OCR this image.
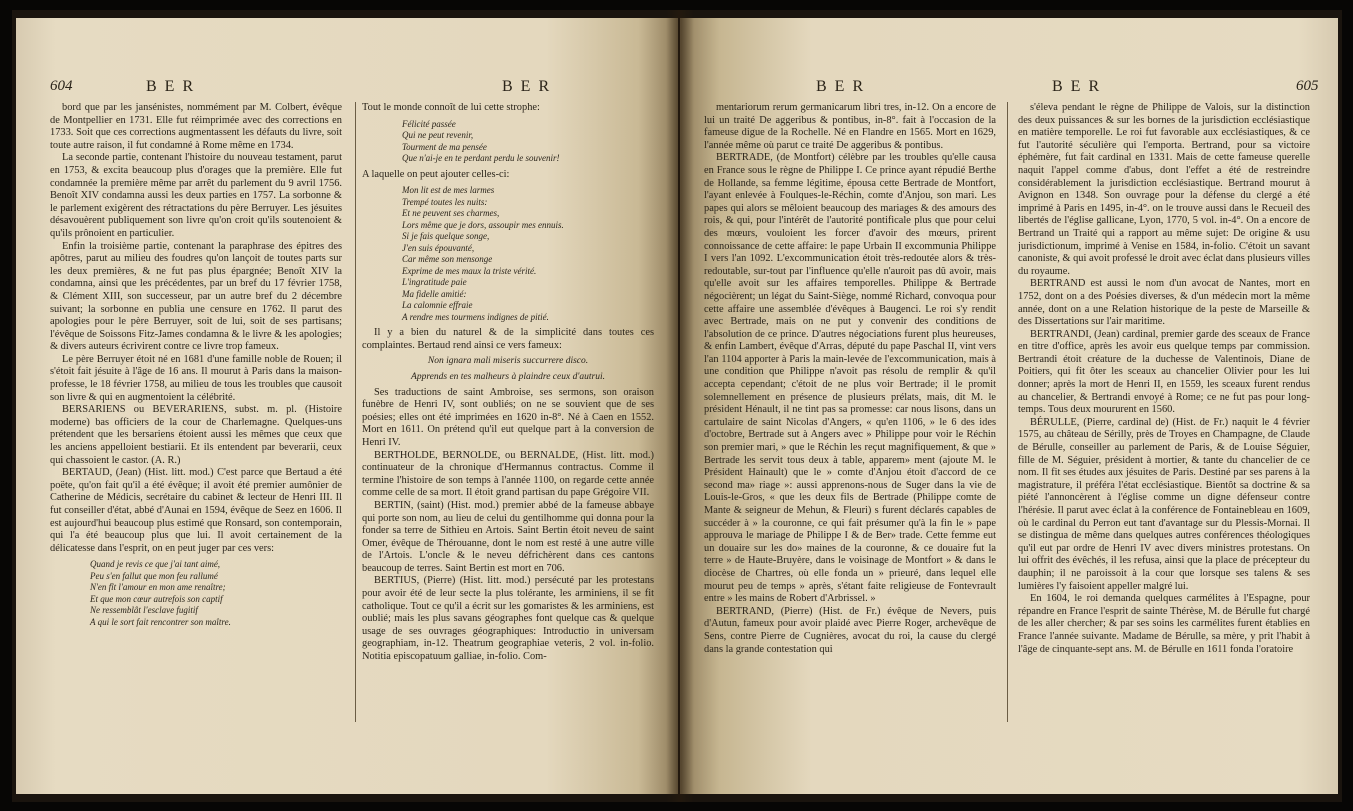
604	B E R	B E R

bord que par les jansénistes, nommément par M. Colbert, évêque de Montpellier en 1731. Elle fut réimprimée avec des corrections en 1733. Soit que ces corrections augmentassent les défauts du livre, soit toute autre raison, il fut condamné à Rome même en 1734.

La seconde partie, contenant l'histoire du nouveau testament, parut en 1753, & excita beaucoup plus d'orages que la première. Elle fut condamnée la première même par arrêt du parlement du 9 avril 1756. Benoît XIV condamna aussi les deux parties en 1757. La sorbonne & le parlement exigèrent des rétractations du père Berruyer. Les jésuites désavouèrent publiquement son livre qu'on croit qu'ils soutenoient & qu'ils prônoient en particulier.

Enfin la troisième partie, contenant la paraphrase des épitres des apôtres, parut au milieu des foudres qu'on lançoit de toutes parts sur les deux premières, & ne fut pas plus épargnée; Benoît XIV la condamna, ainsi que les précédentes, par un bref du 17 février 1758, & Clément XIII, son successeur, par un autre bref du 2 décembre suivant; la sorbonne en publia une censure en 1762. Il parut des apologies pour le père Berruyer, soit de lui, soit de ses partisans; l'évêque de Soissons Fitz-James condamna & le livre & les apologies; & divers auteurs écrivirent contre ce livre trop fameux.

Le père Berruyer étoit né en 1681 d'une famille noble de Rouen; il s'étoit fait jésuite à l'âge de 16 ans. Il mourut à Paris dans la maison-professe, le 18 février 1758, au milieu de tous les troubles que causoit son livre & qui en augmentoient la célébrité.

BERSARIENS ou BEVERARIENS, subst. m. pl. (Histoire moderne) bas officiers de la cour de Charlemagne. Quelques-uns prétendent que les bersariens étoient aussi les mêmes que ceux que les anciens appelloient bestiarii. Et ils entendent par beverarii, ceux qui chassoient le castor. (A. R.)

BERTAUD, (Jean) (Hist. litt. mod.) C'est parce que Bertaud a été poëte, qu'on fait qu'il a été évêque; il avoit été premier aumônier de Catherine de Médicis, secrétaire du cabinet & lecteur de Henri III. Il fut conseiller d'état, abbé d'Aunai en 1594, évêque de Seez en 1606. Il est aujourd'hui beaucoup plus estimé que Ronsard, son contemporain, qui l'a été beaucoup plus que lui. Il avoit certainement de la délicatesse dans l'esprit, on en peut juger par ces vers:

Quand je revis ce que j'ai tant aimé,
Peu s'en fallut que mon feu rallumé
N'en fît l'amour en mon ame renaître;
Et que mon cœur autrefois son captif
Ne ressemblât l'esclave fugitif
A qui le sort fait rencontrer son maître.

Tout le monde connoît de lui cette strophe:

Félicité passée
Qui ne peut revenir,
Tourment de ma pensée
Que n'ai-je en te perdant perdu le souvenir!

A laquelle on peut ajouter celles-ci:

Mon lit est de mes larmes
Trempé toutes les nuits:
Et ne peuvent ses charmes,
Lors même que je dors, assoupir mes ennuis.
Si je fais quelque songe,
J'en suis épouvanté,
Car même son mensonge
Exprime de mes maux la triste vérité.
L'ingratitude paie
Ma fidelle amitié:
La calomnie effraie
A rendre mes tourmens indignes de pitié.

Il y a bien du naturel & de la simplicité dans toutes ces complaintes. Bertaud rend ainsi ce vers fameux:

Non ignara mali miseris succurrere disco.
Apprends en tes malheurs à plaindre ceux d'autrui.

Ses traductions de saint Ambroise, ses sermons, son oraison funèbre de Henri IV, sont oubliés; on ne se souvient que de ses poésies; elles ont été imprimées en 1620 in-8°. Né à Caen en 1552. Mort en 1611. On prétend qu'il eut quelque part à la conversion de Henri IV.

BERTHOLDE, BERNOLDE, ou BERNALDE, (Hist. litt. mod.) continuateur de la chronique d'Hermannus contractus. Comme il termine l'histoire de son temps à l'année 1100, on regarde cette année comme celle de sa mort. Il étoit grand partisan du pape Grégoire VII.

BERTIN, (saint) (Hist. mod.) premier abbé de la fameuse abbaye qui porte son nom, au lieu de celui du gentilhomme qui donna pour la fonder sa terre de Sithieu en Artois. Saint Bertin étoit neveu de saint Omer, évêque de Thérouanne, dont le nom est resté à une autre ville de l'Artois. L'oncle & le neveu défrichèrent dans ces cantons beaucoup de terres. Saint Bertin est mort en 706.

BERTIUS, (Pierre) (Hist. litt. mod.) persécuté par les protestans pour avoir été de leur secte la plus tolérante, les arminiens, il se fit catholique. Tout ce qu'il a écrit sur les gomaristes & les arminiens, est oublié; mais les plus savans géographes font quelque cas & quelque usage de ses ouvrages géographiques: Introductio in universam geographiam, in-12. Theatrum geographiae veteris, 2 vol. in-folio. Notitia episcopatuum galliae, in-folio. Com-

B E R	B E R	605

mentariorum rerum germanicarum libri tres, in-12. On a encore de lui un traité De aggeribus & pontibus, in-8°. fait à l'occasion de la fameuse digue de la Rochelle. Né en Flandre en 1565. Mort en 1629, l'année même où parut ce traité De aggeribus & pontibus.

BERTRADE, (de Montfort) célèbre par les troubles qu'elle causa en France sous le règne de Philippe I. Ce prince ayant répudié Berthe de Hollande, sa femme légitime, épousa cette Bertrade de Montfort, l'ayant enlevée à Foulques-le-Réchin, comte d'Anjou, son mari. Les papes qui alors se mêloient beaucoup des mariages & des amours des rois, & qui, pour l'intérêt de l'autorité pontificale plus que pour celui des mœurs, vouloient les forcer d'avoir des mœurs, prirent connoissance de cette affaire: le pape Urbain II excommunia Philippe I vers l'an 1092. L'excommunication étoit très-redoutée alors & très-redoutable, sur-tout par l'influence qu'elle n'auroit pas dû avoir, mais qu'elle avoit sur les affaires temporelles. Philippe & Bertrade négocièrent; un légat du Saint-Siège, nommé Richard, convoqua pour cette affaire une assemblée d'évêques à Baugenci. Le roi s'y rendit avec Bertrade, mais on ne put y convenir des conditions de l'absolution de ce prince. D'autres négociations furent plus heureuses, & enfin Lambert, évêque d'Arras, député du pape Paschal II, vint vers l'an 1104 apporter à Paris la main-levée de l'excommunication, mais à une condition que Philippe n'avoit pas résolu de remplir & qu'il accepta cependant; c'étoit de ne plus voir Bertrade; il le promit solemnellement en présence de plusieurs prélats, mais, dit M. le président Hénault, il ne tint pas sa promesse: car nous lisons, dans un cartulaire de saint Nicolas d'Angers, « qu'en 1106, » le 6 des ides d'octobre, Bertrade sut à Angers avec » Philippe pour voir le Réchin son premier mari, » que le Réchin les reçut magnifiquement, & que » Bertrade les servit tous deux à table, apparem» ment (ajoute M. le Président Hainault) que le » comte d'Anjou étoit d'accord de ce second ma» riage »: aussi apprenons-nous de Suger dans la vie de Louis-le-Gros, « que les deux fils de Bertrade (Philippe comte de Mante & seigneur de Mehun, & Fleuri) s furent déclarés capables de succéder à » la couronne, ce qui fait présumer qu'à la fin le » pape approuva le mariage de Philippe I & de Ber» trade. Cette femme eut un douaire sur les do» maines de la couronne, & ce douaire fut la terre » de Haute-Bruyère, dans le voisinage de Montfort » & dans le diocèse de Chartres, où elle fonda un » prieuré, dans lequel elle mourut peu de temps » après, s'étant faite religieuse de Fontevrault entre » les mains de Robert d'Arbrissel. »

BERTRAND, (Pierre) (Hist. de Fr.) évêque de Nevers, puis d'Autun, fameux pour avoir plaidé avec Pierre Roger, archevêque de Sens, contre Pierre de Cugnières, avocat du roi, la cause du clergé dans la grande contestation qui

s'éleva pendant le règne de Philippe de Valois, sur la distinction des deux puissances & sur les bornes de la jurisdiction ecclésiastique en matière temporelle. Le roi fut favorable aux ecclésiastiques, & ce fut l'autorité séculière qui l'emporta. Bertrand, pour sa victoire éphémère, fut fait cardinal en 1331. Mais de cette fameuse querelle naquit l'appel comme d'abus, dont l'effet a été de restreindre considérablement la jurisdiction ecclésiastique. Bertrand mourut à Avignon en 1348. Son ouvrage pour la défense du clergé a été imprimé à Paris en 1495, in-4°. on le trouve aussi dans le Recueil des libertés de l'église gallicane, Lyon, 1770, 5 vol. in-4°. On a encore de Bertrand un Traité qui a rapport au même sujet: De origine & usu jurisdictionum, imprimé à Venise en 1584, in-folio. C'étoit un savant canoniste, & qui avoit professé le droit avec éclat dans plusieurs villes du royaume.

BERTRAND est aussi le nom d'un avocat de Nantes, mort en 1752, dont on a des Poésies diverses, & d'un médecin mort la même année, dont on a une Relation historique de la peste de Marseille & des Dissertations sur l'air maritime.

BERTRANDI, (Jean) cardinal, premier garde des sceaux de France en titre d'office, après les avoir eus quelque temps par commission. Bertrandi étoit créature de la duchesse de Valentinois, Diane de Poitiers, qui fit ôter les sceaux au chancelier Olivier pour les lui donner; après la mort de Henri II, en 1559, les sceaux furent rendus au chancelier, & Bertrandi envoyé à Rome; ce ne fut pas pour long-temps. Tous deux moururent en 1560.

BÉRULLE, (Pierre, cardinal de) (Hist. de Fr.) naquit le 4 février 1575, au château de Sérilly, près de Troyes en Champagne, de Claude de Bérulle, conseiller au parlement de Paris, & de Louise Séguier, fille de M. Séguier, président à mortier, & tante du chancelier de ce nom. Il fit ses études aux jésuites de Paris. Destiné par ses parens à la magistrature, il préféra l'état ecclésiastique. Bientôt sa doctrine & sa piété l'annoncèrent à l'église comme un digne défenseur contre l'hérésie. Il parut avec éclat à la conférence de Fontainebleau en 1609, où le cardinal du Perron eut tant d'avantage sur du Plessis-Mornai. Il se distingua de même dans quelques autres conférences théologiques qu'il eut par ordre de Henri IV avec divers ministres protestans. On lui offrit des évêchés, il les refusa, ainsi que la place de précepteur du dauphin; il ne paroissoit à la cour que lorsque ses talens & ses lumières l'y faisoient appeller malgré lui.

En 1604, le roi demanda quelques carmélites à l'Espagne, pour répandre en France l'esprit de sainte Thérèse, M. de Bérulle fut chargé de les aller chercher; & par ses soins les carmélites furent établies en France l'année suivante. Madame de Bérulle, sa mère, y prit l'habit à l'âge de cinquante-sept ans. M. de Bérulle en 1611 fonda l'oratoire
